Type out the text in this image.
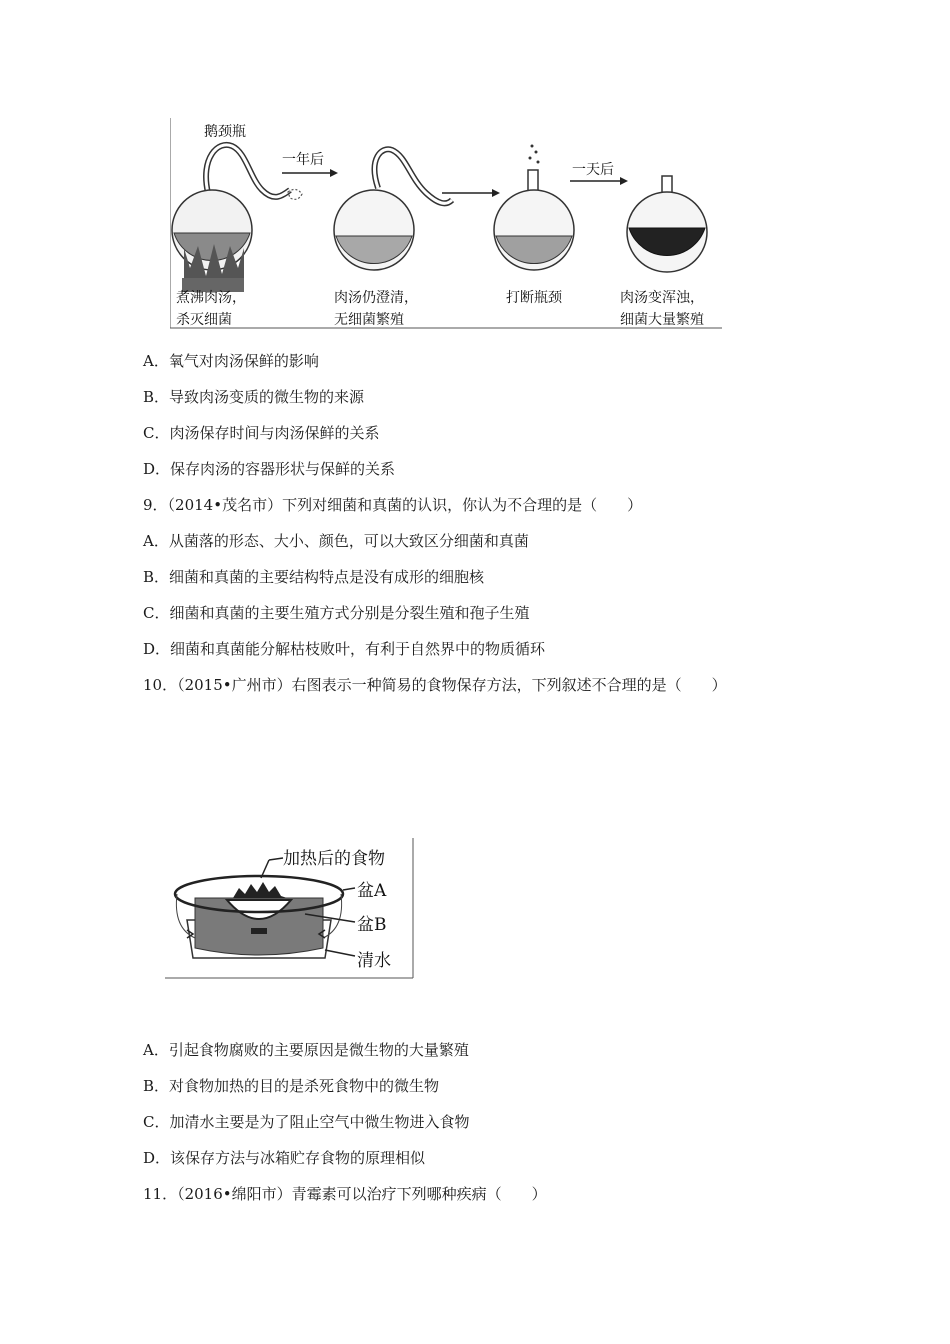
鹅颈瓶
一年后
一天后
煮沸肉汤，
杀灭细菌
肉汤仍澄清，
无细菌繁殖
打断瓶颈	肉汤变浑浊，
细菌大量繁殖
A．氧气对肉汤保鲜的影响
B．导致肉汤变质的微生物的来源
C．肉汤保存时间与肉汤保鲜的关系
D．保存肉汤的容器形状与保鲜的关系
9．（2014•茂名市）下列对细菌和真菌的认识，你认为不合理的是（　　）
A．从菌落的形态、大小、颜色，可以大致区分细菌和真菌
B．细菌和真菌的主要结构特点是没有成形的细胞核
C．细菌和真菌的主要生殖方式分别是分裂生殖和孢子生殖
D．细菌和真菌能分解枯枝败叶，有利于自然界中的物质循环
10．（2015•广州市）右图表示一种简易的食物保存方法，下列叙述不合理的是（　　）
加热后的食物
盆A
盆B
清水
A．引起食物腐败的主要原因是微生物的大量繁殖
B．对食物加热的目的是杀死食物中的微生物
C．加清水主要是为了阻止空气中微生物进入食物
D．该保存方法与冰箱贮存食物的原理相似
11．（2016•绵阳市）青霉素可以治疗下列哪种疾病（　　）
